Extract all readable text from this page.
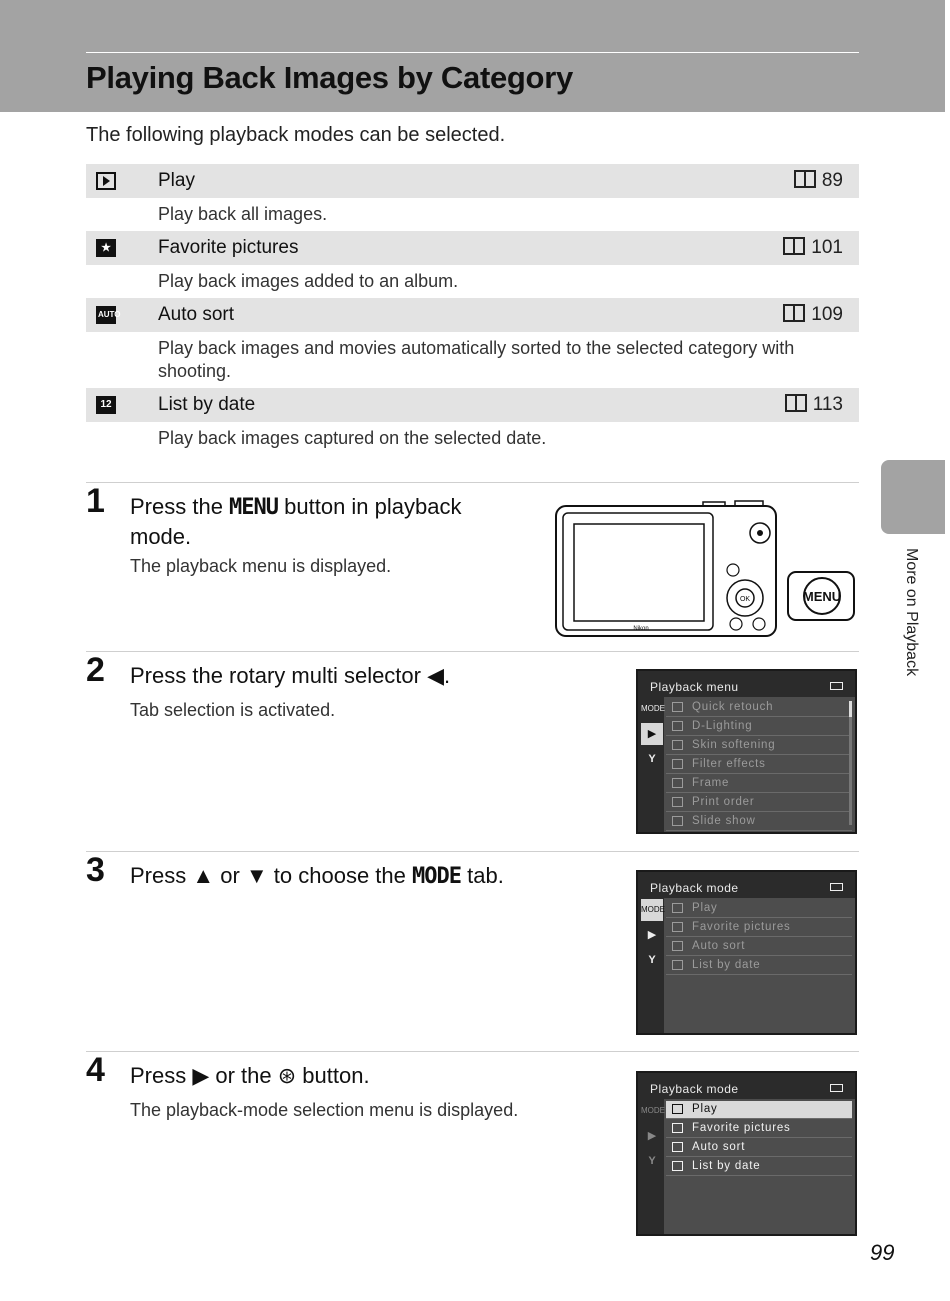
Playing Back Images by Category
The following playback modes can be selected.
Play	89
Play back all images.
★ Favorite pictures	101
Play back images added to an album.
AUTO Auto sort	109
Play back images and movies automatically sorted to the selected category with shooting.
12 List by date	113
Play back images captured on the selected date.
1 Press the MENU button in playback mode.
The playback menu is displayed.
OK
Nikon
MENU
2 Press the rotary multi selector ◀.
Tab selection is activated.
Playback menu
MODE
▶
Y
Quick retouch
D-Lighting
Skin softening
Filter effects
Frame
Print order
Slide show
3 Press ▲ or ▼ to choose the MODE tab.	Playback mode
MODE
▶
Y
Play
Favorite pictures
Auto sort
List by date
4 Press ▶ or the ⊛ button.
The playback-mode selection menu is displayed.
Playback mode
MODE
▶
Y
Play
Favorite pictures
Auto sort
List by date
More on Playback
99
